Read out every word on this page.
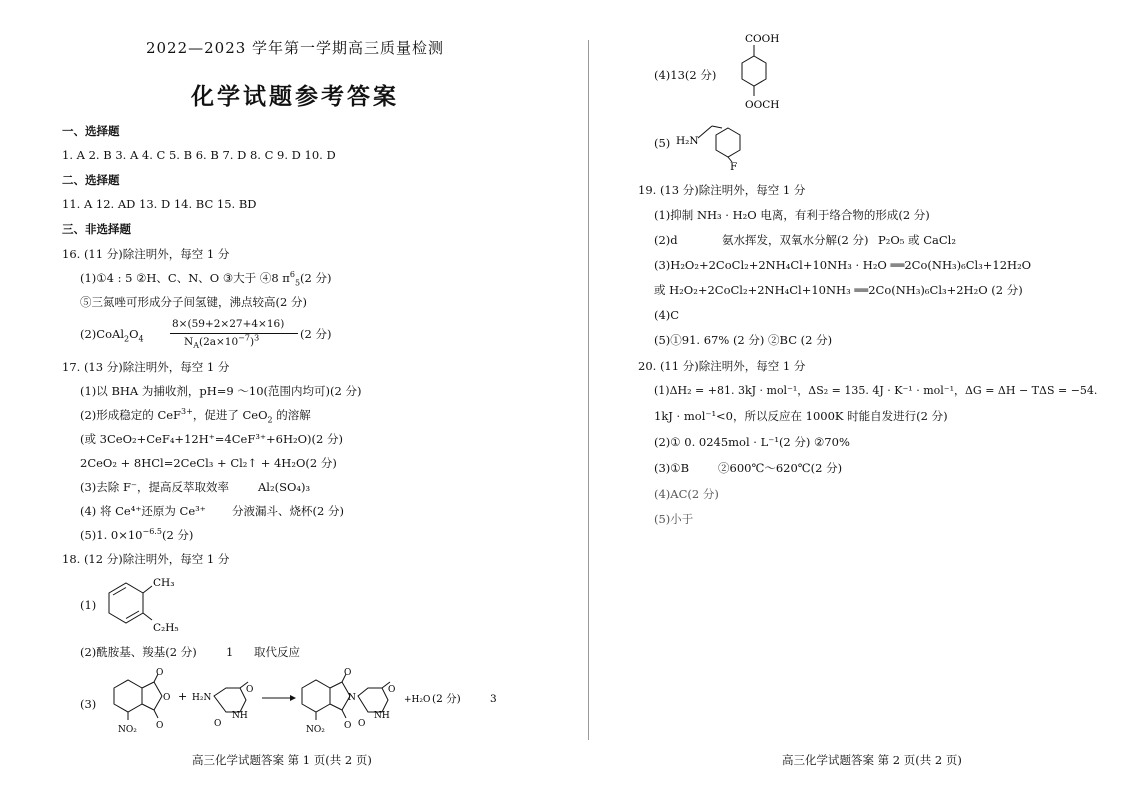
2022—2023 学年第一学期高三质量检测
化学试题参考答案
一、选择题
1. A 2. B 3. A 4. C 5. B 6. B 7. D 8. C 9. D 10. D
二、选择题
11. A 12. AD 13. D 14. BC 15. BD
三、非选择题
16. (11 分)除注明外，每空 1 分
(1)①4 : 5 ②H、C、N、O ③大于 ④8 $\pi^6_5(2$ 分)
⑤三氮唑可形成分子间氢键，沸点较高(2 分)
$(2)CoAl_2O_4$
8×(59+2×27+4×16)
$N_A(2a\times 10^{-7})^3$	(2 分)
17. (13 分)除注明外，每空 1 分
(1)以 BHA 为捕收剂，pH=9 ～10(范围内均可)(2 分)
(2)形成稳定的 CeF$^{3+}$，促进了 CeO$_2$ 的溶解
(或 3CeO₂+CeF₄+12H⁺=4CeF³⁺+6H₂O)(2 分)
2CeO₂ + 8HCl=2CeCl₃ + Cl₂↑ + 4H₂O(2 分)
(3)去除 F⁻，提高反萃取效率	Al₂(SO₄)₃
(4) 将 Ce⁴⁺还原为 Ce³⁺ 分液漏斗、烧杯(2 分)
(5)1. $0\times 10^{-6.5}(2$ 分)
18. (12 分)除注明外，每空 1 分
(1)
CH₃
C₂H₅
(2)酰胺基、羧基(2 分)	1 取代反应
(3)
O
O
O
NO₂
+ H₂N
O
NH
O
O
N
O
NO₂
O
NH
O
+H₂O (2 分)	3
高三化学试题答案 第 1 页(共 2 页)
(4)13(2 分)
COOH
OOCH
(5) H₂N
F
19. (13 分)除注明外，每空 1 分
(1)抑制 NH₃ · H₂O 电离，有利于络合物的形成(2 分)
(2)d	氨水挥发，双氧水分解(2 分) P₂O₅ 或 CaCl₂
(3)H₂O₂+2CoCl₂+2NH₄Cl+10NH₃ · H₂O ══2Co(NH₃)₆Cl₃+12H₂O
或 H₂O₂+2CoCl₂+2NH₄Cl+10NH₃ ══2Co(NH₃)₆Cl₃+2H₂O (2 分)
(4)C
(5)①91. 67% (2 分) ②BC (2 分)
20. (11 分)除注明外，每空 1 分
(1)ΔH₂ = +81. 3kJ · mol⁻¹，ΔS₂ = 135. 4J · K⁻¹ · mol⁻¹，ΔG = ΔH − TΔS = −54.
1kJ · mol⁻¹<0，所以反应在 1000K 时能自发进行(2 分)
(2)① 0. 0245mol · L⁻¹(2 分) ②70%
(3)①B	②600℃～620℃(2 分)
(4)AC(2 分)
(5)小于
高三化学试题答案 第 2 页(共 2 页)
